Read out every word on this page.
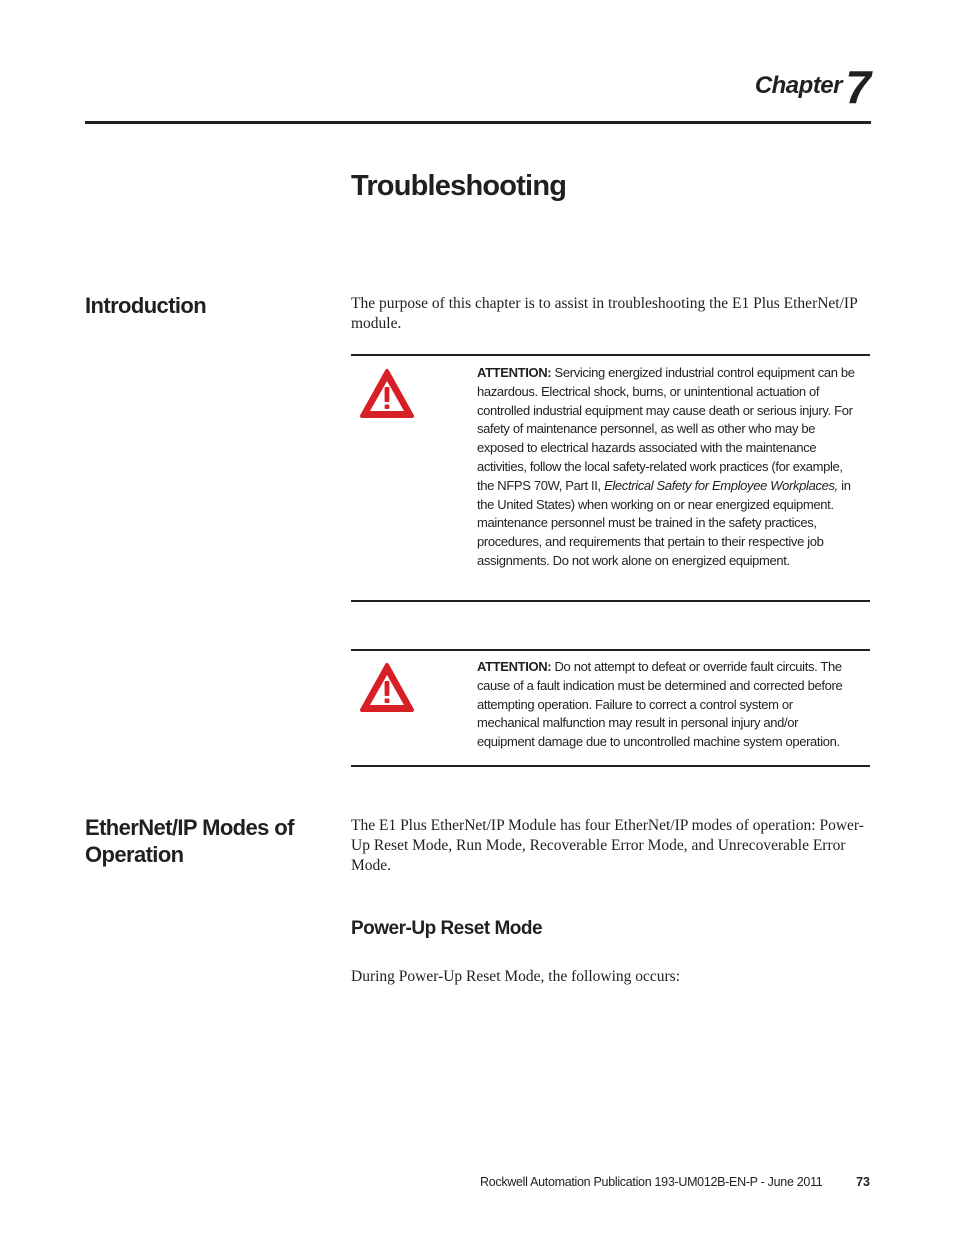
Chapter 7
Troubleshooting
Introduction	The purpose of this chapter is to assist in troubleshooting the E1 Plus EtherNet/IP module.

ATTENTION: Servicing energized industrial control equipment can be hazardous. Electrical shock, burns, or unintentional actuation of controlled industrial equipment may cause death or serious injury. For safety of maintenance personnel, as well as other who may be exposed to electrical hazards associated with the maintenance activities, follow the local safety-related work practices (for example, the NFPS 70W, Part II, Electrical Safety for Employee Workplaces, in the United States) when working on or near energized equipment. maintenance personnel must be trained in the safety practices, procedures, and requirements that pertain to their respective job assignments. Do not work alone on energized equipment.

ATTENTION: Do not attempt to defeat or override fault circuits. The cause of a fault indication must be determined and corrected before attempting operation. Failure to correct a control system or mechanical malfunction may result in personal injury and/or equipment damage due to uncontrolled machine system operation.

EtherNet/IP Modes of Operation

The E1 Plus EtherNet/IP Module has four EtherNet/IP modes of operation: Power-Up Reset Mode, Run Mode, Recoverable Error Mode, and Unrecoverable Error Mode.

Power-Up Reset Mode

During Power-Up Reset Mode, the following occurs:

Rockwell Automation Publication 193-UM012B-EN-P - June 2011	73
